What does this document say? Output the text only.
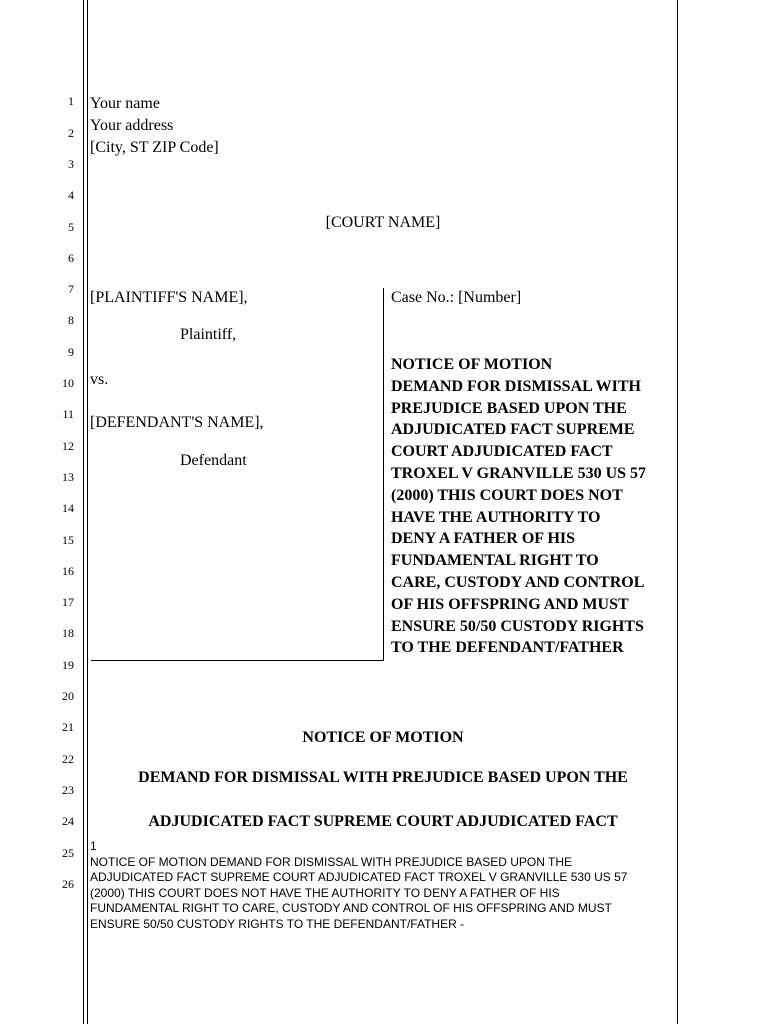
1
2
3
4
5
6
7
8
9
10
11
12
13
14
15
16
17
18
19
20
21
22
23
24
25
26
Your name
Your address
[City, ST ZIP Code]
[COURT NAME]
[PLAINTIFF'S NAME],
Plaintiff,
vs.
[DEFENDANT'S NAME],
Defendant
Case No.: [Number]
NOTICE OF MOTION
DEMAND FOR DISMISSAL WITH
PREJUDICE BASED UPON THE
ADJUDICATED FACT SUPREME
COURT ADJUDICATED FACT
TROXEL V GRANVILLE 530 US 57
(2000) THIS COURT DOES NOT
HAVE THE AUTHORITY TO
DENY A FATHER OF HIS
FUNDAMENTAL RIGHT TO
CARE, CUSTODY AND CONTROL
OF HIS OFFSPRING AND MUST
ENSURE 50/50 CUSTODY RIGHTS
TO THE DEFENDANT/FATHER
NOTICE OF MOTION
DEMAND FOR DISMISSAL WITH PREJUDICE BASED UPON THE
ADJUDICATED FACT SUPREME COURT ADJUDICATED FACT
1
NOTICE OF MOTION DEMAND FOR DISMISSAL WITH PREJUDICE BASED UPON THE
ADJUDICATED FACT SUPREME COURT ADJUDICATED FACT TROXEL V GRANVILLE 530 US 57
(2000) THIS COURT DOES NOT HAVE THE AUTHORITY TO DENY A FATHER OF HIS
FUNDAMENTAL RIGHT TO CARE, CUSTODY AND CONTROL OF HIS OFFSPRING AND MUST
ENSURE 50/50 CUSTODY RIGHTS TO THE DEFENDANT/FATHER -
